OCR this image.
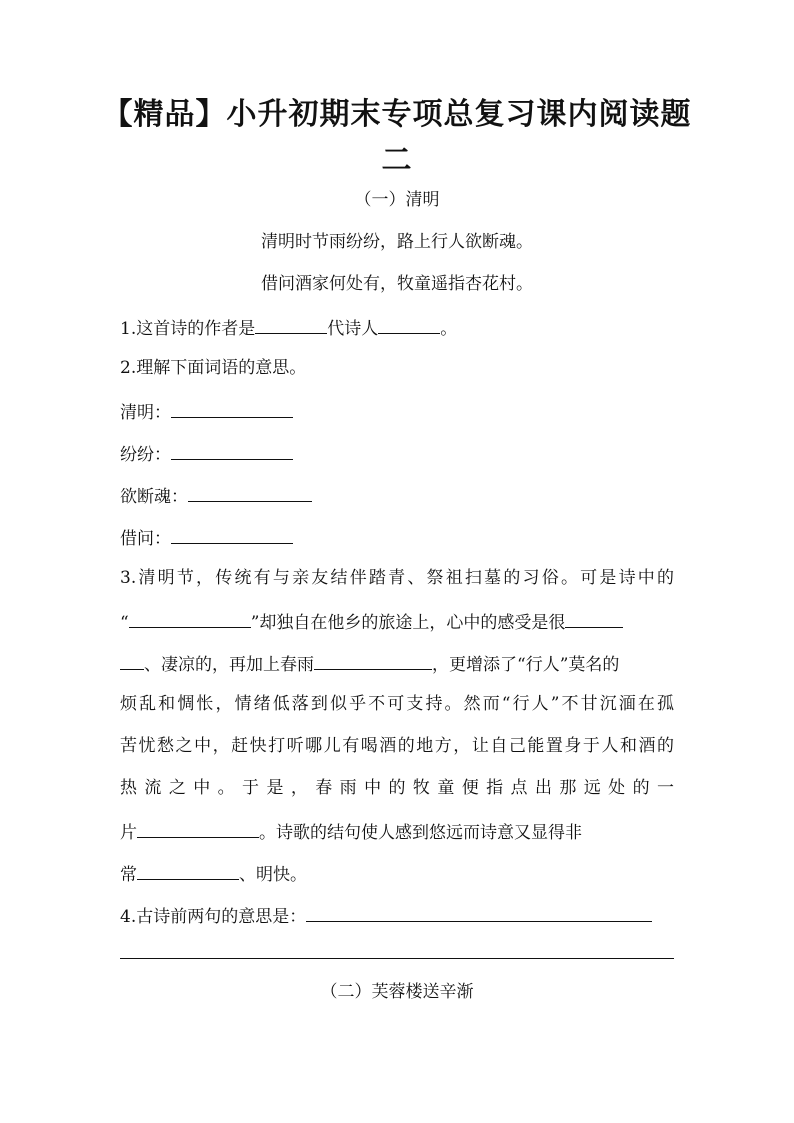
【精品】小升初期末专项总复习课内阅读题二
（一）清明
清明时节雨纷纷，路上行人欲断魂。
借问酒家何处有，牧童遥指杏花村。
1.这首诗的作者是	代诗人	。
2.理解下面词语的意思。
清明：
纷纷：
欲断魂：
借问：
3.清明节，传统有与亲友结伴踏青、祭祖扫墓的习俗。可是诗中的
“	”却独自在他乡的旅途上，心中的感受是很
、凄凉的，再加上春雨	，更增添了“行人”莫名的
烦乱和惆怅，情绪低落到似乎不可支持。然而“行人”不甘沉湎在孤
苦忧愁之中，赶快打听哪儿有喝酒的地方，让自己能置身于人和酒的
热流之中。于是，春雨中的牧童便指点出那远处的一
片	。诗歌的结句使人感到悠远而诗意又显得非
常	、明快。
4.古诗前两句的意思是：
（二）芙蓉楼送辛渐
